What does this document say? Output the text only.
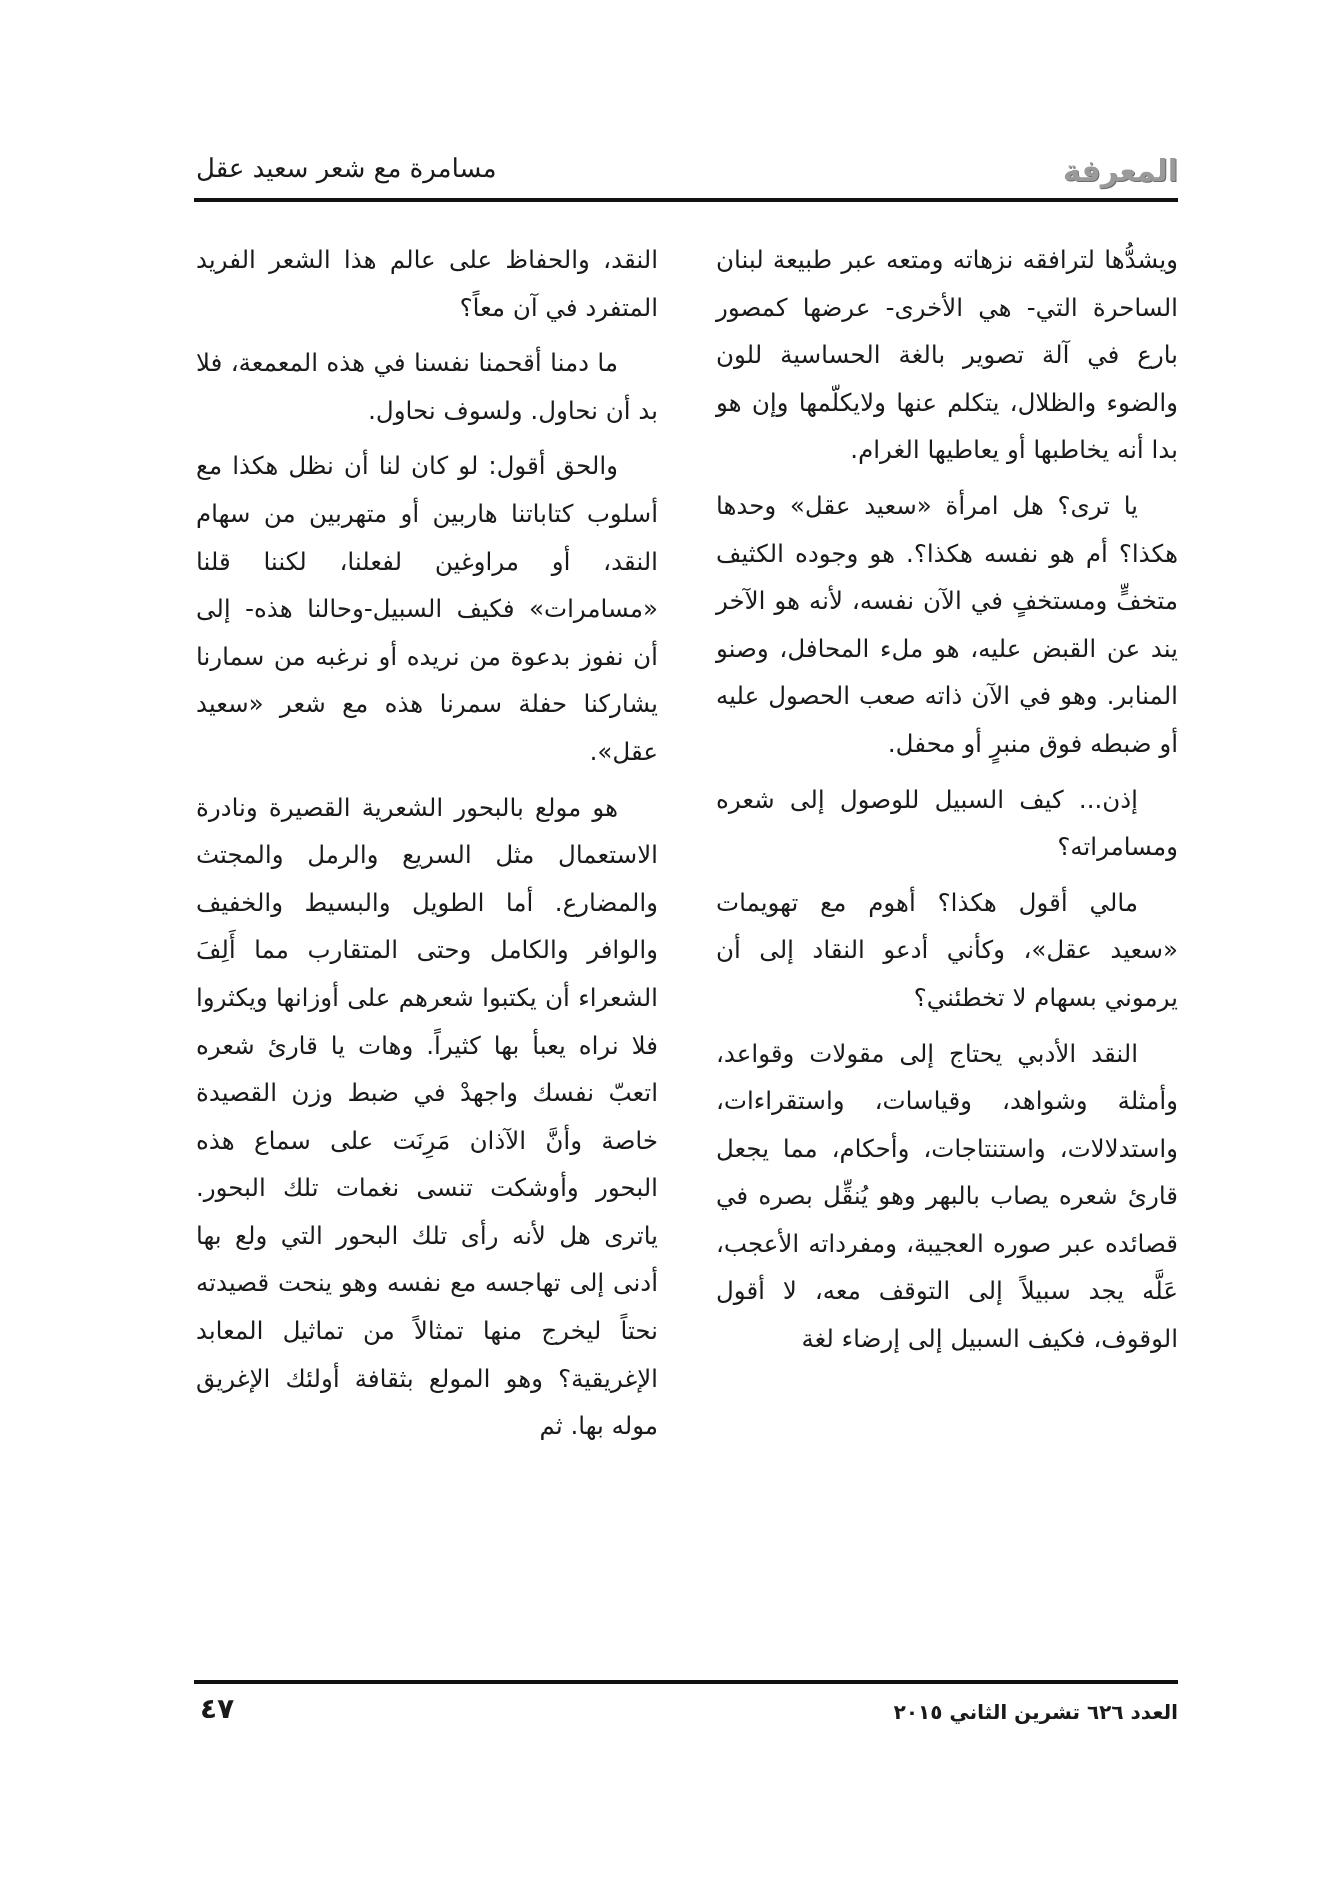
المعرفة
مسامرة مع شعر سعيد عقل

ويشدُّها لترافقه نزهاته ومتعه عبر طبيعة لبنان الساحرة التي- هي الأخرى- عرضها كمصور بارع في آلة تصوير بالغة الحساسية للون والضوء والظلال، يتكلم عنها ولايكلّمها وإن هو بدا أنه يخاطبها أو يعاطيها الغرام.

يا ترى؟ هل امرأة «سعيد عقل» وحدها هكذا؟ أم هو نفسه هكذا؟. هو وجوده الكثيف متخفٍّ ومستخفٍ في الآن نفسه، لأنه هو الآخر يند عن القبض عليه، هو ملء المحافل، وصنو المنابر. وهو في الآن ذاته صعب الحصول عليه أو ضبطه فوق منبرٍ أو محفل.

إذن... كيف السبيل للوصول إلى شعره ومسامراته؟

مالي أقول هكذا؟ أهوم مع تهويمات «سعيد عقل»، وكأني أدعو النقاد إلى أن يرموني بسهام لا تخطئني؟

النقد الأدبي يحتاج إلى مقولات وقواعد، وأمثلة وشواهد، وقياسات، واستقراءات، واستدلالات، واستنتاجات، وأحكام، مما يجعل قارئ شعره يصاب بالبهر وهو يُنقِّل بصره في قصائده عبر صوره العجيبة، ومفرداته الأعجب، عَلَّه يجد سبيلاً إلى التوقف معه، لا أقول الوقوف، فكيف السبيل إلى إرضاء لغة

النقد، والحفاظ على عالم هذا الشعر الفريد المتفرد في آن معاً؟

ما دمنا أقحمنا نفسنا في هذه المعمعة، فلا بد أن نحاول. ولسوف نحاول.

والحق أقول: لو كان لنا أن نظل هكذا مع أسلوب كتاباتنا هاربين أو متهربين من سهام النقد، أو مراوغين لفعلنا، لكننا قلنا «مسامرات» فكيف السبيل-وحالنا هذه- إلى أن نفوز بدعوة من نريده أو نرغبه من سمارنا يشاركنا حفلة سمرنا هذه مع شعر «سعيد عقل».

هو مولع بالبحور الشعرية القصيرة ونادرة الاستعمال مثل السريع والرمل والمجتث والمضارع. أما الطويل والبسيط والخفيف والوافر والكامل وحتى المتقارب مما أَلِفَ الشعراء أن يكتبوا شعرهم على أوزانها ويكثروا فلا نراه يعبأ بها كثيراً. وهات يا قارئ شعره اتعبّ نفسك واجهدْ في ضبط وزن القصيدة خاصة وأنَّ الآذان مَرِنَت على سماع هذه البحور وأوشكت تنسى نغمات تلك البحور. ياترى هل لأنه رأى تلك البحور التي ولع بها أدنى إلى تهاجسه مع نفسه وهو ينحت قصيدته نحتاً ليخرج منها تمثالاً من تماثيل المعابد الإغريقية؟ وهو المولع بثقافة أولئك الإغريق موله بها. ثم

العدد ٦٢٦ تشرين الثاني ٢٠١٥
٤٧
